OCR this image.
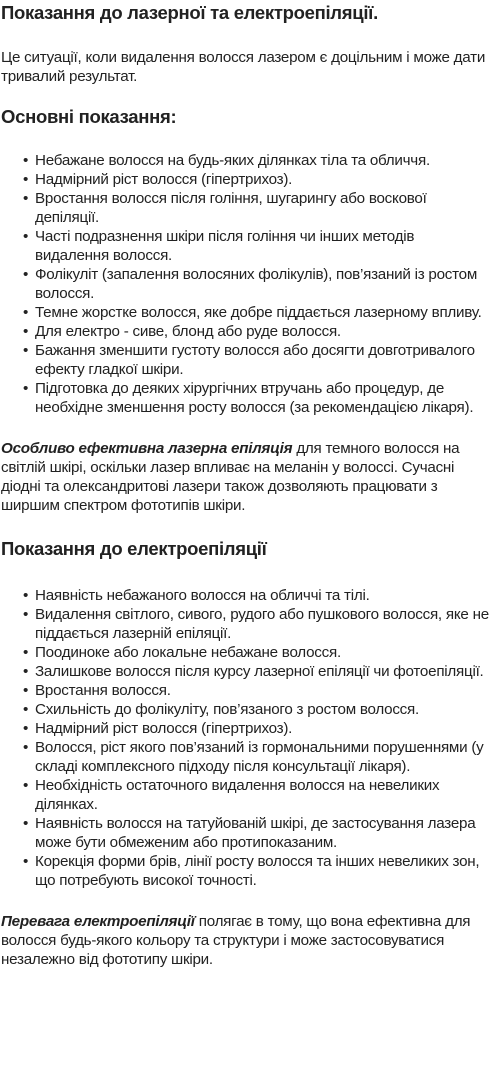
Показання до лазерної та електроепіляції.

Це ситуації, коли видалення волосся лазером є доцільним і може дати тривалий результат.

Основні показання:
• Небажане волосся на будь-яких ділянках тіла та обличчя.
• Надмірний ріст волосся (гіпертрихоз).
• Вростання волосся після гоління, шугарингу або воскової депіляції.
• Часті подразнення шкіри після гоління чи інших методів видалення волосся.
• Фолікуліт (запалення волосяних фолікулів), пов’язаний із ростом волосся.
• Темне жорстке волосся, яке добре піддається лазерному впливу.
• Для електро - сиве, блонд або руде волосся.
• Бажання зменшити густоту волосся або досягти довготривалого ефекту гладкої шкіри.
• Підготовка до деяких хірургічних втручань або процедур, де необхідне зменшення росту волосся (за рекомендацією лікаря).

Особливо ефективна лазерна епіляція для темного волосся на світлій шкірі, оскільки лазер впливає на меланін у волоссі. Сучасні діодні та олександритові лазери також дозволяють працювати з ширшим спектром фототипів шкіри.

Показання до електроепіляції
• Наявність небажаного волосся на обличчі та тілі.
• Видалення світлого, сивого, рудого або пушкового волосся, яке не піддається лазерній епіляції.
• Поодиноке або локальне небажане волосся.
• Залишкове волосся після курсу лазерної епіляції чи фотоепіляції.
• Вростання волосся.
• Схильність до фолікуліту, пов’язаного з ростом волосся.
• Надмірний ріст волосся (гіпертрихоз).
• Волосся, ріст якого пов’язаний із гормональними порушеннями (у складі комплексного підходу після консультації лікаря).
• Необхідність остаточного видалення волосся на невеликих ділянках.
• Наявність волосся на татуйованій шкірі, де застосування лазера може бути обмеженим або протипоказаним.
• Корекція форми брів, лінії росту волосся та інших невеликих зон, що потребують високої точності.

Перевага електроепіляції полягає в тому, що вона ефективна для волосся будь-якого кольору та структури і може застосовуватися незалежно від фототипу шкіри.
